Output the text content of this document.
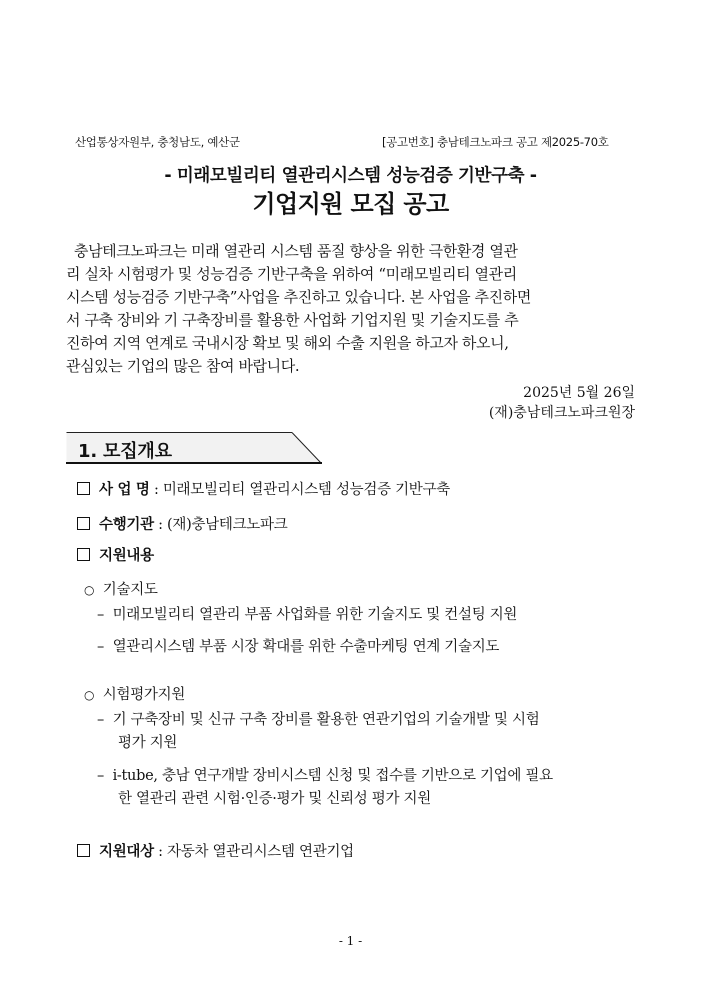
산업통상자원부, 충청남도, 예산군	[공고번호] 충남테크노파크 공고 제2025-70호
- 미래모빌리티 열관리시스템 성능검증 기반구축 -
기업지원 모집 공고
충남테크노파크는 미래 열관리 시스템 품질 향상을 위한 극한환경 열관
리 실차 시험평가 및 성능검증 기반구축을 위하여 “미래모빌리티 열관리
시스템 성능검증 기반구축”사업을 추진하고 있습니다. 본 사업을 추진하면
서 구축 장비와 기 구축장비를 활용한 사업화 기업지원 및 기술지도를 추
진하여 지역 연계로 국내시장 확보 및 해외 수출 지원을 하고자 하오니,
관심있는 기업의 많은 참여 바랍니다.
2025년 5월 26일
(재)충남테크노파크원장
1. 모집개요
사 업 명 : 미래모빌리티 열관리시스템 성능검증 기반구축
수행기관 : (재)충남테크노파크
지원내용
○ 기술지도
– 미래모빌리티 열관리 부품 사업화를 위한 기술지도 및 컨설팅 지원
– 열관리시스템 부품 시장 확대를 위한 수출마케팅 연계 기술지도
○ 시험평가지원
– 기 구축장비 및 신규 구축 장비를 활용한 연관기업의 기술개발 및 시험
평가 지원
– i-tube, 충남 연구개발 장비시스템 신청 및 접수를 기반으로 기업에 필요
한 열관리 관련 시험·인증·평가 및 신뢰성 평가 지원
지원대상 : 자동차 열관리시스템 연관기업
- 1 -
